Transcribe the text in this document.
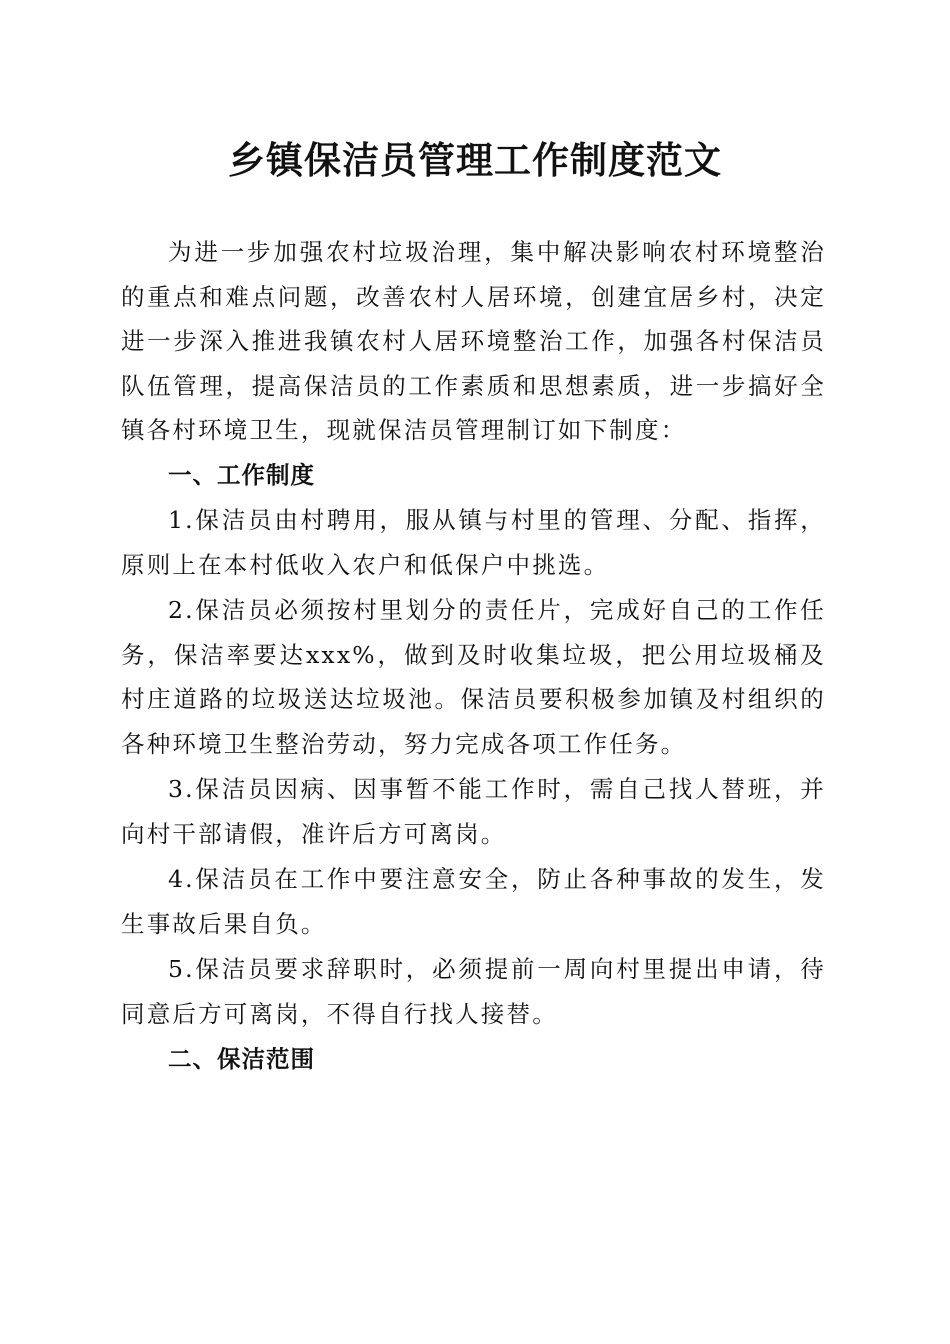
乡镇保洁员管理工作制度范文

为进一步加强农村垃圾治理，集中解决影响农村环境整治的重点和难点问题，改善农村人居环境，创建宜居乡村，决定进一步深入推进我镇农村人居环境整治工作，加强各村保洁员队伍管理，提高保洁员的工作素质和思想素质，进一步搞好全镇各村环境卫生，现就保洁员管理制订如下制度：

一、工作制度

1.保洁员由村聘用，服从镇与村里的管理、分配、指挥，原则上在本村低收入农户和低保户中挑选。

2.保洁员必须按村里划分的责任片，完成好自己的工作任务，保洁率要达xxx%，做到及时收集垃圾，把公用垃圾桶及村庄道路的垃圾送达垃圾池。保洁员要积极参加镇及村组织的各种环境卫生整治劳动，努力完成各项工作任务。

3.保洁员因病、因事暂不能工作时，需自己找人替班，并向村干部请假，准许后方可离岗。

4.保洁员在工作中要注意安全，防止各种事故的发生，发生事故后果自负。

5.保洁员要求辞职时，必须提前一周向村里提出申请，待同意后方可离岗，不得自行找人接替。

二、保洁范围
